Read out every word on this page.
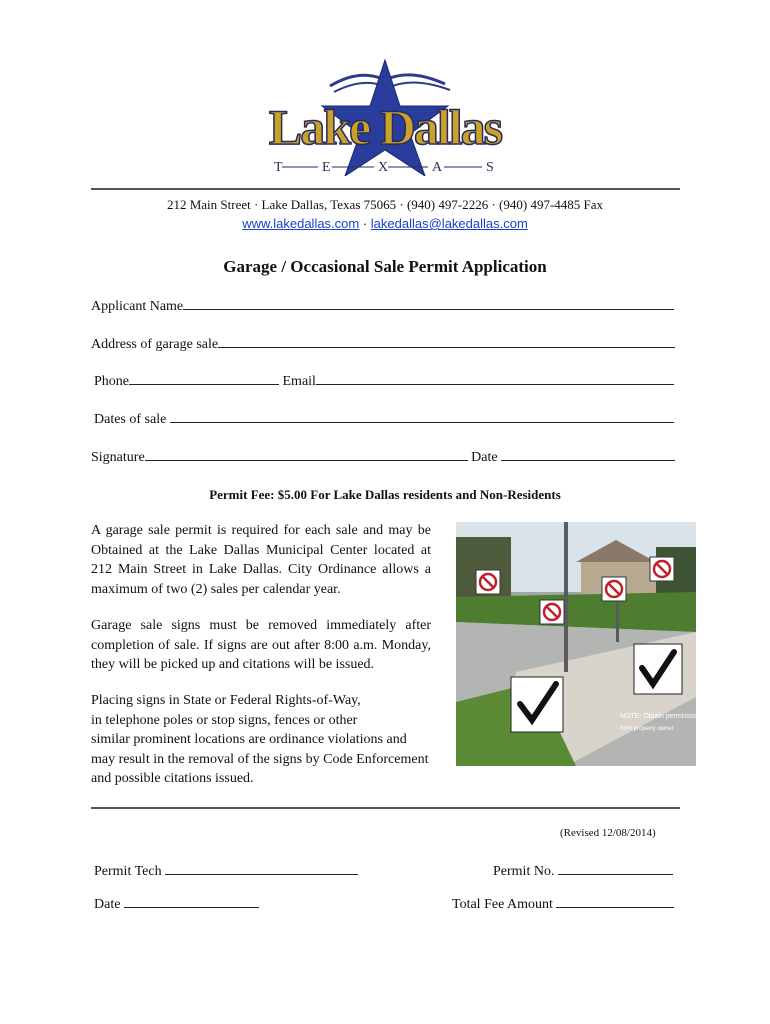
Lake Dallas
T	E	X	A	S
212 Main Street · Lake Dallas, Texas 75065 · (940) 497-2226 · (940) 497-4485 Fax
www.lakedallas.com · lakedallas@lakedallas.com
Garage / Occasional Sale Permit Application
Applicant Name
Address of garage sale
Phone	Email
Dates of sale
Signature	Date
Permit Fee: $5.00 For Lake Dallas residents and Non-Residents
A garage sale permit is required for each sale and may be Obtained at the Lake Dallas Municipal Center located at 212 Main Street in Lake Dallas. City Ordinance allows a maximum of two (2) sales per calendar year.
Garage sale signs must be removed immediately after completion of sale. If signs are out after 8:00 a.m. Monday, they will be picked up and citations will be issued.
Placing signs in State or Federal Rights-of-Way,
in telephone poles or stop signs, fences or other
similar prominent locations are ordinance violations and
may result in the removal of the signs by Code Enforcement
and possible citations issued.
NOTE: Obtain permission
from property owner
(Revised 12/08/2014)
Permit Tech	Permit No.
Date	Total Fee Amount
